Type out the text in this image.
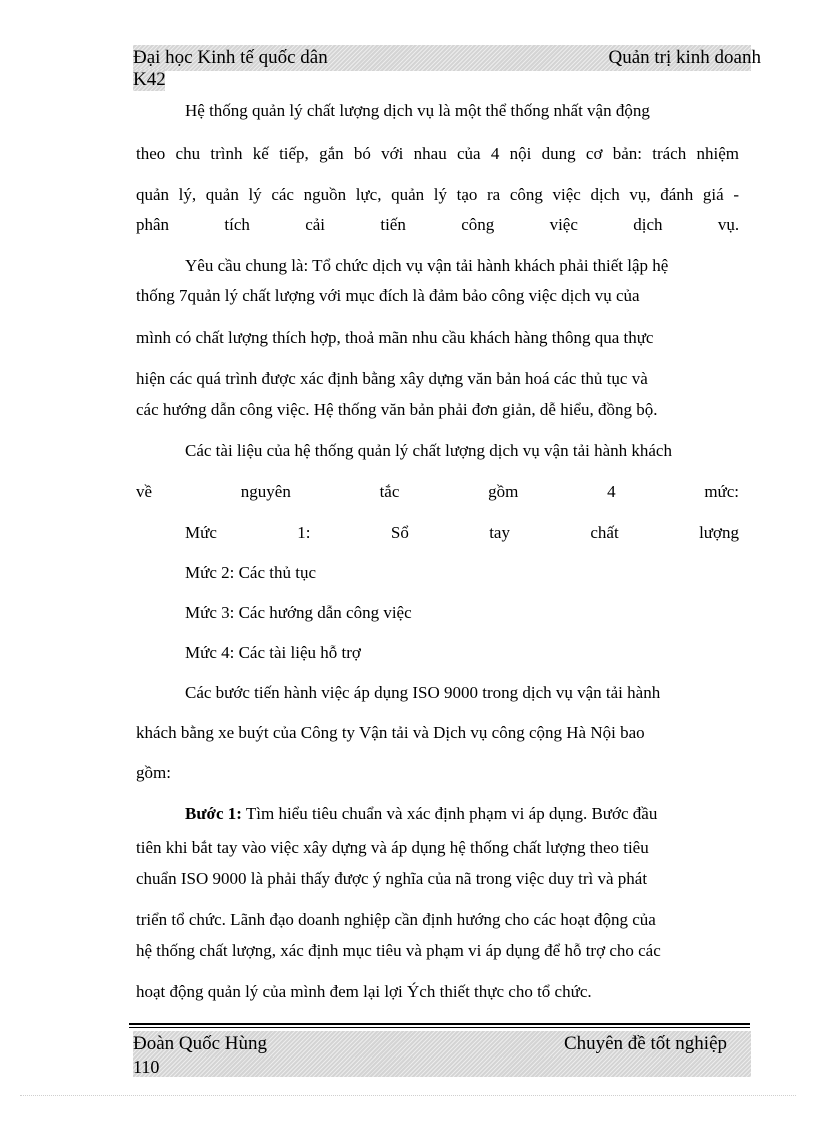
Đại học Kinh tế quốc dân	Quản trị kinh doanh
K42
Hệ thống quản lý chất lượng dịch vụ là một thể thống nhất vận động
theo chu trình kế tiếp, gắn bó với nhau của 4 nội dung cơ bản: trách nhiệm
quản lý, quản lý các nguồn lực, quản lý tạo ra công việc dịch vụ, đánh giá -
phân	tích	cải	tiến	công	việc	dịch	vụ.
Yêu cầu chung là: Tổ chức dịch vụ vận tải hành khách phải thiết lập hệ
thống 7quản lý chất lượng với mục đích là đảm bảo công việc dịch vụ của
mình có chất lượng thích hợp, thoả mãn nhu cầu khách hàng thông qua thực
hiện các quá trình được xác định bằng xây dựng văn bản hoá các thủ tục và
các hướng dẫn công việc. Hệ thống văn bản phải đơn giản, dễ hiểu, đồng bộ.
Các tài liệu của hệ thống quản lý chất lượng dịch vụ vận tải hành khách
về	nguyên	tắc	gồm	4	mức:
Mức	1:	Sổ	tay	chất	lượng
Mức 2: Các thủ tục
Mức 3: Các hướng dẫn công việc
Mức 4: Các tài liệu hỗ trợ
Các bước tiến hành việc áp dụng ISO 9000 trong dịch vụ vận tải hành
khách bằng xe buýt của Công ty Vận tải và Dịch vụ công cộng Hà Nội bao
gồm:
Bước 1: Tìm hiểu tiêu chuẩn và xác định phạm vi áp dụng. Bước đầu
tiên khi bắt tay vào việc xây dựng và áp dụng hệ thống chất lượng theo tiêu
chuẩn ISO 9000 là phải thấy được ý nghĩa của nã trong việc duy trì và phát
triển tổ chức. Lãnh đạo doanh nghiệp cần định hướng cho các hoạt động của
hệ thống chất lượng, xác định mục tiêu và phạm vi áp dụng để hỗ trợ cho các
hoạt động quản lý của mình đem lại lợi Ých thiết thực cho tổ chức.
Đoàn Quốc Hùng	Chuyên đề tốt nghiệp
110
